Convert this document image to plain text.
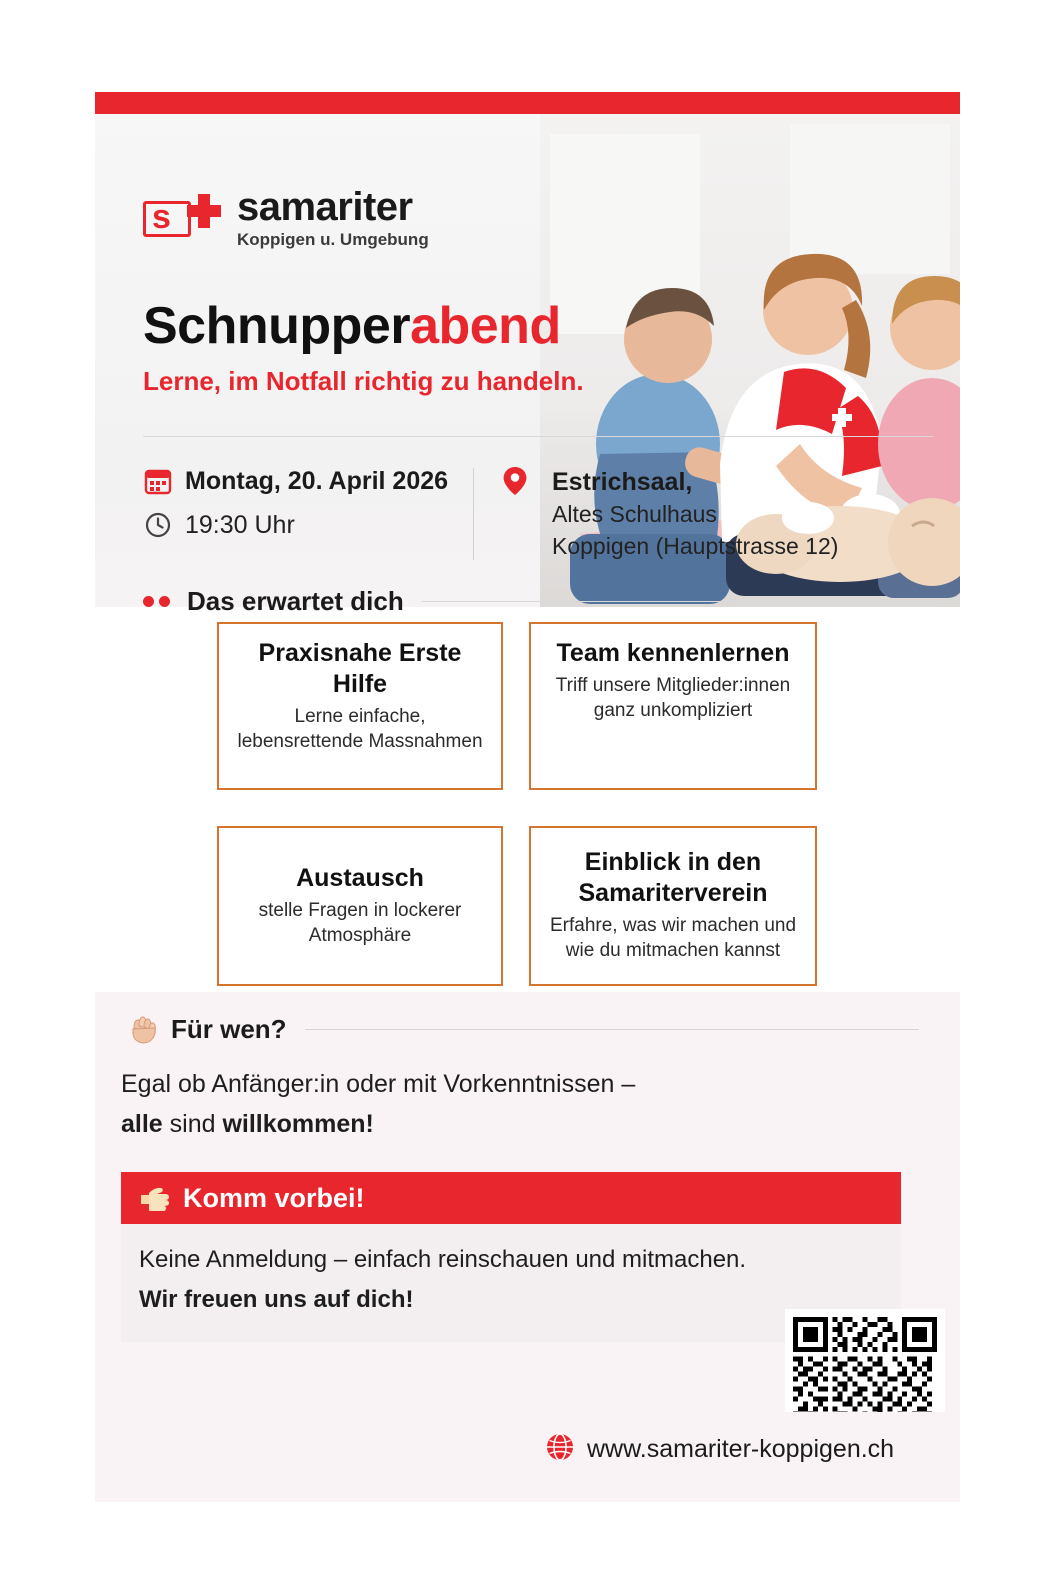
s samariter
Koppigen u. Umgebung
Schnupperabend
Lerne, im Notfall richtig zu handeln.
Montag, 20. April 2026
19:30 Uhr
Estrichsaal,
Altes Schulhaus
Koppigen (Hauptstrasse 12)
Das erwartet dich
Praxisnahe Erste Hilfe
Lerne einfache, lebensrettende Massnahmen
Team kennenlernen
Triff unsere Mitglieder:innen ganz unkompliziert
Austausch
stelle Fragen in lockerer Atmosphäre
Einblick in den Samariterverein
Erfahre, was wir machen und wie du mitmachen kannst
Für wen?
Egal ob Anfänger:in oder mit Vorkenntnissen –
alle sind willkommen!
Komm vorbei!
Keine Anmeldung – einfach reinschauen und mitmachen.
Wir freuen uns auf dich!
www.samariter-koppigen.ch
